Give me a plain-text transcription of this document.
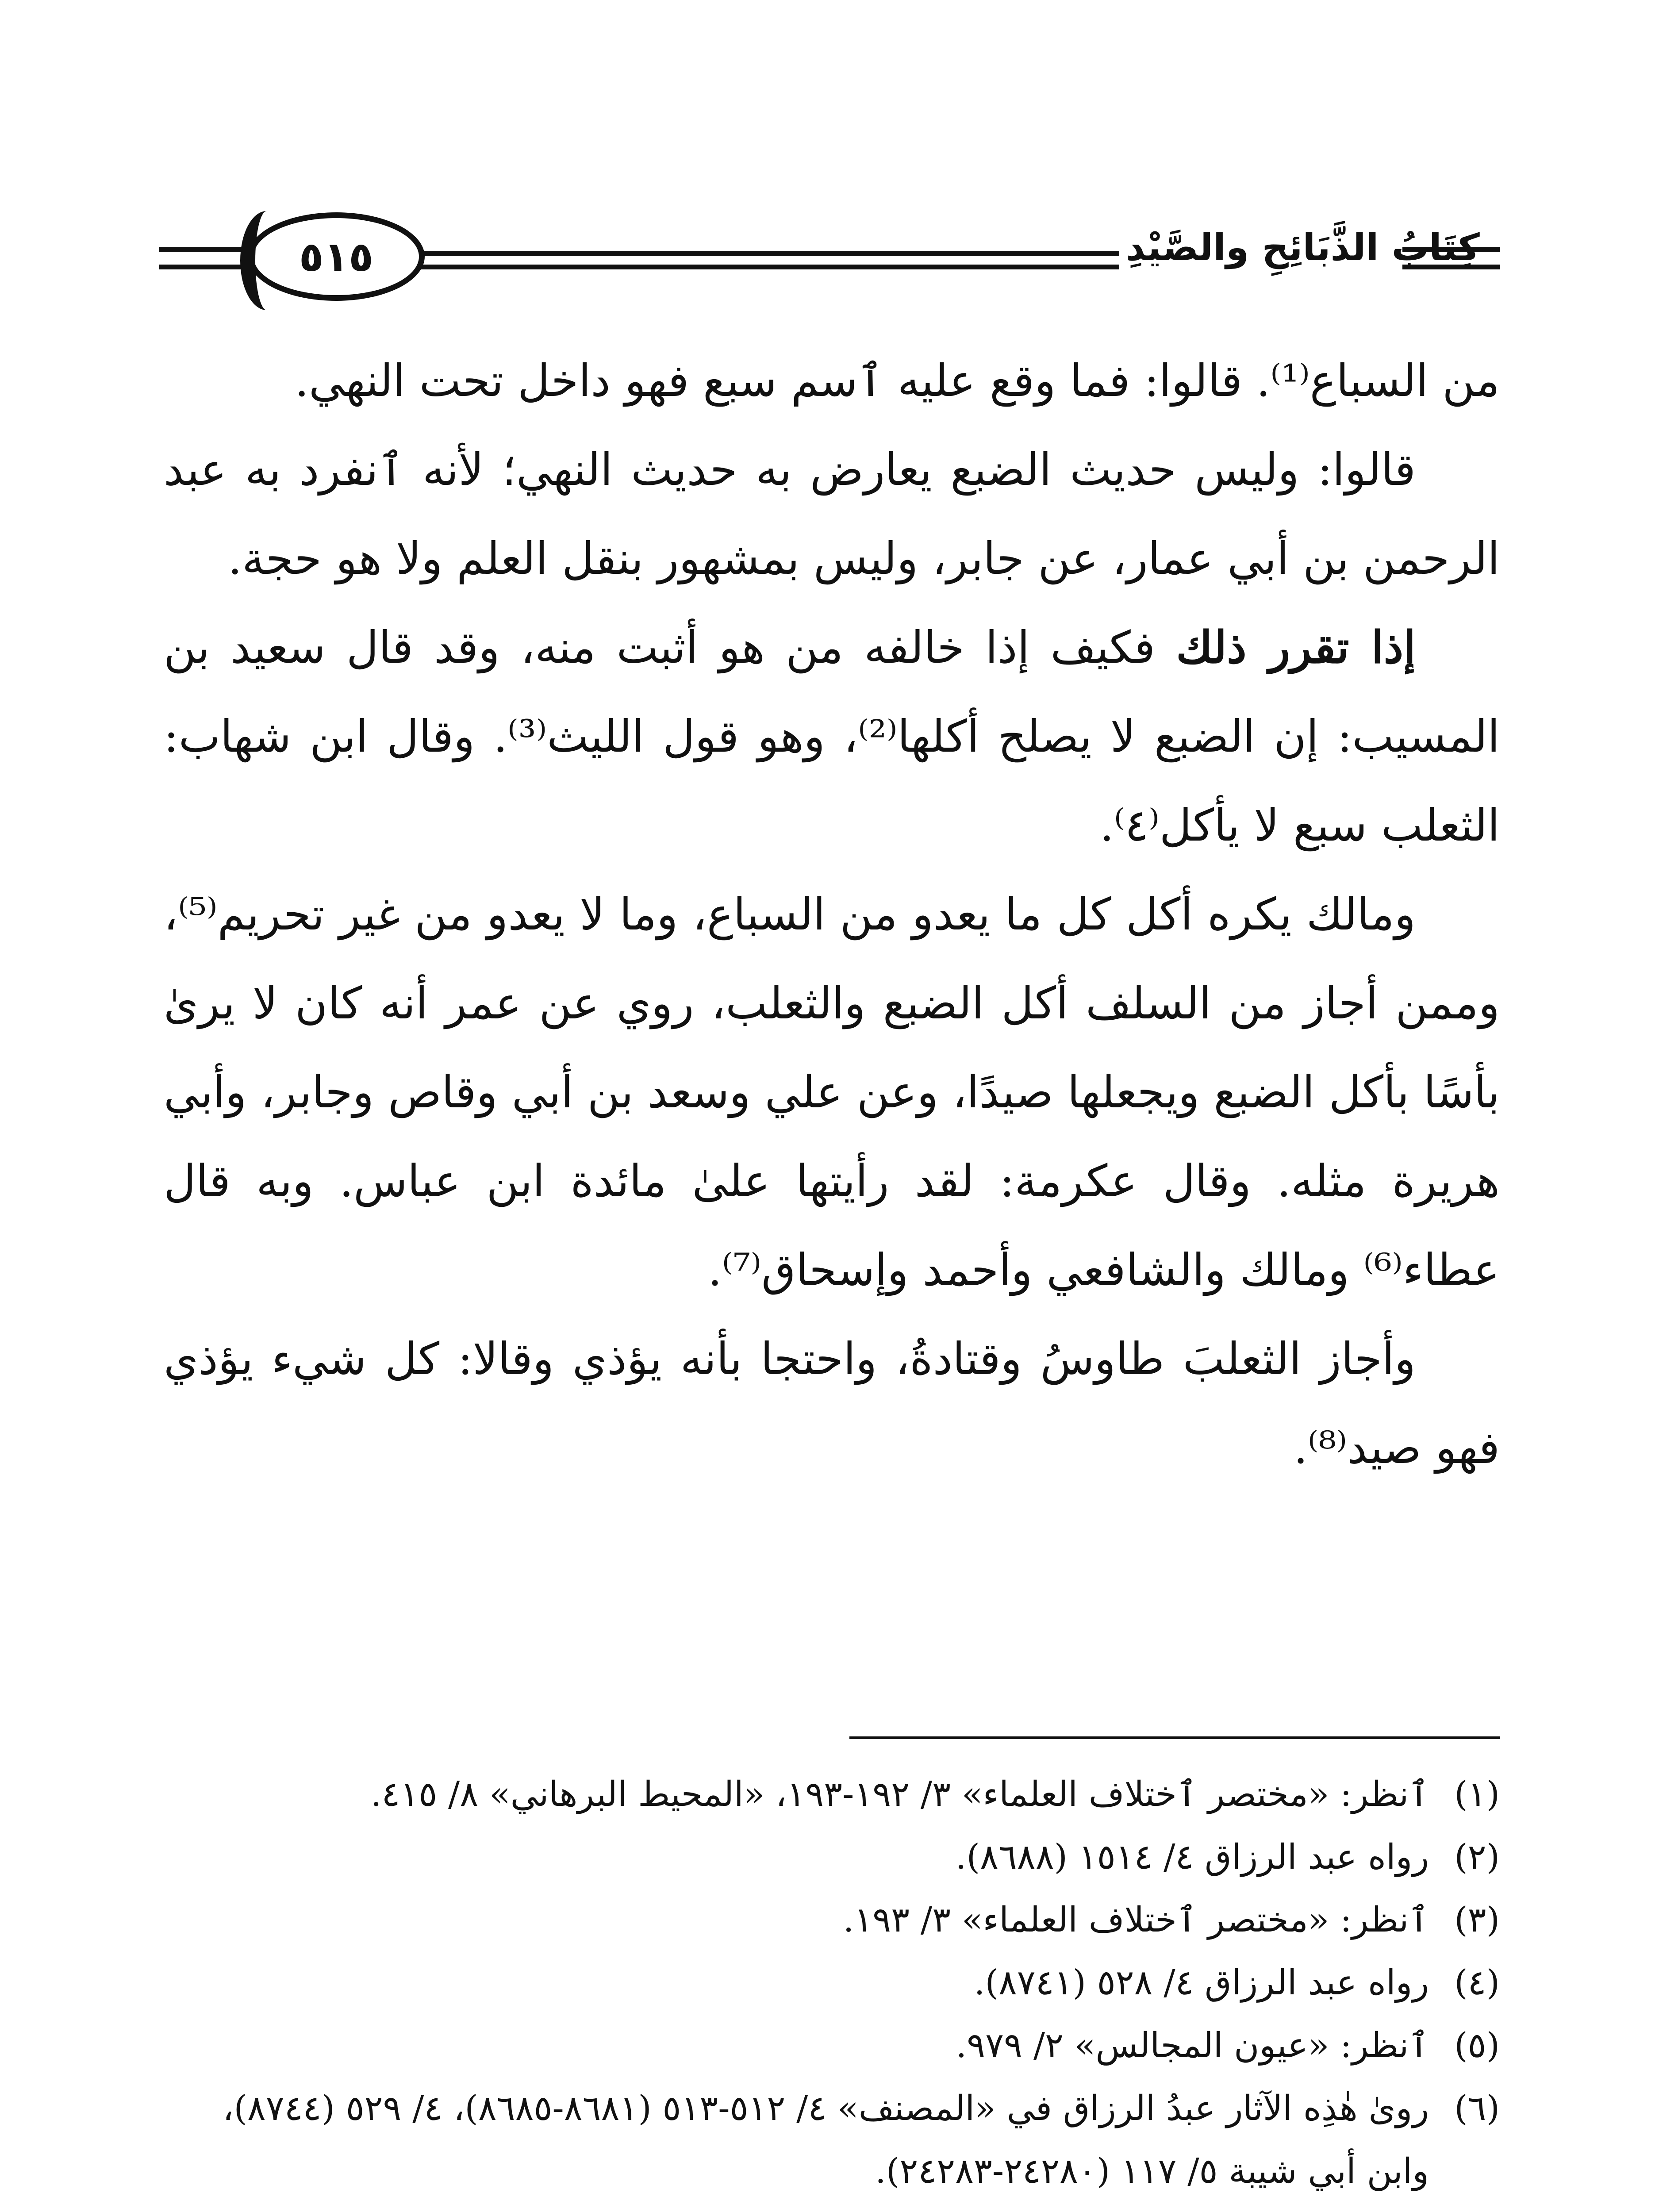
٥١٥	كِتَابُ الذَّبَائِحِ والصَّيْدِ

من السباع⁽¹⁾. قالوا: فما وقع عليه ٱسم سبع فهو داخل تحت النهي.

قالوا: وليس حديث الضبع يعارض به حديث النهي؛ لأنه ٱنفرد به عبد الرحمن بن أبي عمار، عن جابر، وليس بمشهور بنقل العلم ولا هو حجة.

إذا تقرر ذلك فكيف إذا خالفه من هو أثبت منه، وقد قال سعيد بن المسيب: إن الضبع لا يصلح أكلها⁽²⁾، وهو قول الليث⁽³⁾. وقال ابن شهاب: الثعلب سبع لا يأكل⁽٤⁾.

ومالك يكره أكل كل ما يعدو من السباع، وما لا يعدو من غير تحريم⁽⁵⁾، وممن أجاز من السلف أكل الضبع والثعلب، روي عن عمر أنه كان لا يرىٰ بأسًا بأكل الضبع ويجعلها صيدًا، وعن علي وسعد بن أبي وقاص وجابر، وأبي هريرة مثله. وقال عكرمة: لقد رأيتها علىٰ مائدة ابن عباس. وبه قال عطاء⁽⁶⁾ ومالك والشافعي وأحمد وإسحاق⁽⁷⁾.

وأجاز الثعلبَ طاوسُ وقتادةُ، واحتجا بأنه يؤذي وقالا: كل شيء يؤذي فهو صيد⁽⁸⁾.

(١)
ٱنظر: «مختصر ٱختلاف العلماء» ٣/ ١٩٢-١٩٣، «المحيط البرهاني» ٨/ ٤١٥.
(٢)
رواه عبد الرزاق ٤/ ١٥١٤ (٨٦٨٨).
(٣)
ٱنظر: «مختصر ٱختلاف العلماء» ٣/ ١٩٣.
(٤)
رواه عبد الرزاق ٤/ ٥٢٨ (٨٧٤١).
(٥)
ٱنظر: «عيون المجالس» ٢/ ٩٧٩.
(٦)
روىٰ هٰذِه الآثار عبدُ الرزاق في «المصنف» ٤/ ٥١٢-٥١٣ (٨٦٨١-٨٦٨٥)، ٤/ ٥٢٩ (٨٧٤٤)، وابن أبي شيبة ٥/ ١١٧ (٢٤٢٨٠-٢٤٢٨٣).
